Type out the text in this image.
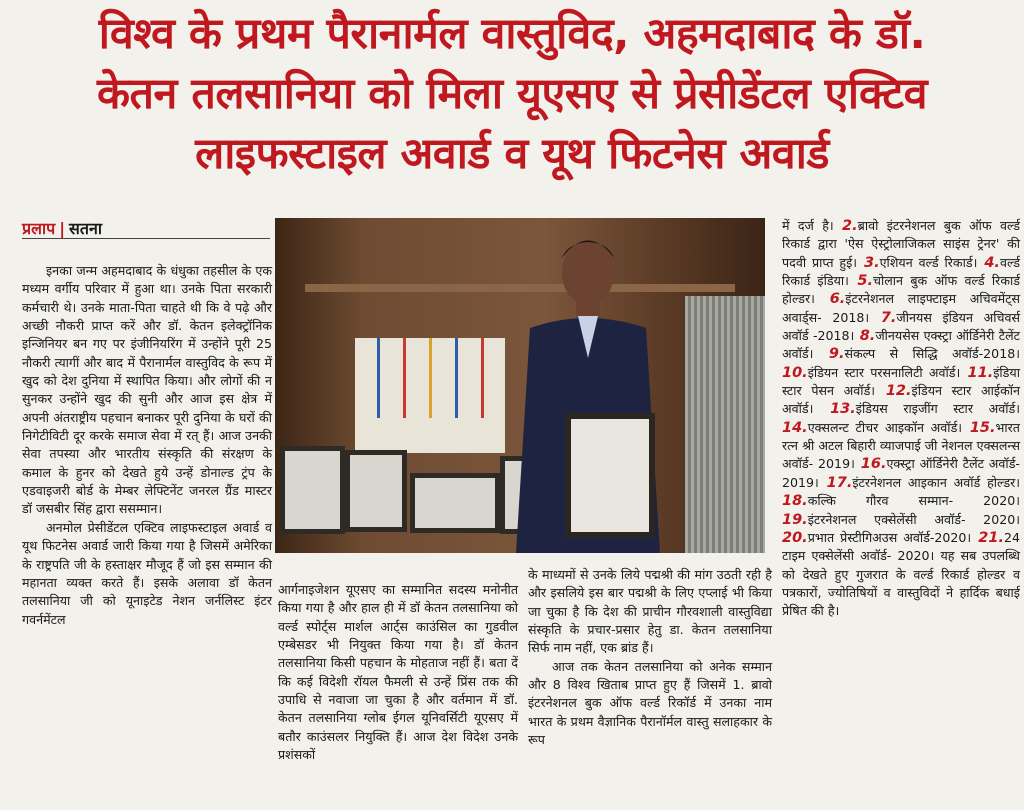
विश्व के प्रथम पैरानार्मल वास्तुविद, अहमदाबाद के डॉ.
केतन तलसानिया को मिला यूएसए से प्रेसीडेंटल एक्टिव
लाइफस्टाइल अवार्ड व यूथ फिटनेस अवार्ड
प्रलाप | सतना

इनका जन्म अहमदाबाद के धंधुका तहसील के एक मध्यम वर्गीय परिवार में हुआ था। उनके पिता सरकारी कर्मचारी थे। उनके माता-पिता चाहते थी कि वे पढ़े और अच्छी नौकरी प्राप्त करें और डॉ. केतन इलेक्ट्रॉनिक इन्जिनियर बन गए पर इंजीनियरिंग में उन्होंने पूरी 25 नौकरी त्यागीं और बाद में पैरानार्मल वास्तुविद के रूप में खुद को देश दुनिया में स्थापित किया। और लोगों की न सुनकर उन्होंने खुद की सुनी और आज इस क्षेत्र में अपनी अंतराष्ट्रीय पहचान बनाकर पूरी दुनिया के घरों की निगेटीविटी दूर करके समाज सेवा में रत् हैं। आज उनकी सेवा तपस्या और भारतीय संस्कृति की संरक्षण के कमाल के हुनर को देखते हुये उन्हें डोनाल्ड ट्रंप के एडवाइजरी बोर्ड के मेम्बर लेफ्टिनेंट जनरल ग्रैंड मास्टर डॉ जसबीर सिंह द्वारा ससम्मान।

अनमोल प्रेसीडेंटल एक्टिव लाइफस्टाइल अवार्ड व यूथ फिटनेस अवार्ड जारी किया गया है जिसमें अमेरिका के राष्ट्रपति जी के हस्ताक्षर मौजूद हैं जो इस सम्मान की महानता व्यक्त करते हैं। इसके अलावा डॉ केतन तलसानिया जी को यूनाइटेड नेशन जर्नलिस्ट इंटर गवर्नमेंटल

आर्गनाइजेशन यूएसए का सम्मानित सदस्य मनोनीत किया गया है और हाल ही में डॉ केतन तलसानिया को वर्ल्ड स्पोर्ट्स मार्शल आर्ट्स काउंसिल का गुडवील एम्बेसडर भी नियुक्त किया गया है। डॉ केतन तलसानिया किसी पहचान के मोहताज नहीं हैं। बता दें कि कई विदेशी रॉयल फैमली से उन्हें प्रिंस तक की उपाधि से नवाजा जा चुका है और वर्तमान में डॉ. केतन तलसानिया ग्लोब ईगल यूनिवर्सिटी यूएसए में बतौर काउंसलर नियुक्ति हैं। आज देश विदेश उनके प्रशंसकों

के माध्यमों से उनके लिये पद्मश्री की मांग उठती रही है और इसलिये इस बार पद्मश्री के लिए एप्लाई भी किया जा चुका है कि देश की प्राचीन गौरवशाली वास्तुविद्या संस्कृति के प्रचार-प्रसार हेतु डा. केतन तलसानिया सिर्फ नाम नहीं, एक ब्रांड हैं।

आज तक केतन तलसानिया को अनेक सम्मान और 8 विश्व खिताब प्राप्त हुए हैं जिसमें 1. ब्रावो इंटरनेशनल बुक ऑफ वर्ल्ड रिकॉर्ड में उनका नाम भारत के प्रथम वैज्ञानिक पैरानॉर्मल वास्तु सलाहकार के रूप

में दर्ज है। 2.ब्रावो इंटरनेशनल बुक ऑफ वर्ल्ड रिकार्ड द्वारा 'ऐस ऐस्ट्रोलाजिकल साइंस ट्रेनर' की पदवी प्राप्त हुई। 3.एशियन वर्ल्ड रिकार्ड। 4.वर्ल्ड रिकार्ड इंडिया। 5.चोलान बुक ऑफ वर्ल्ड रिकार्ड होल्डर। 6.इंटरनेशनल लाइफ्टाइम अचिवमेंट्स अवार्ड्स- 2018। 7.जीनयस इंडियन अचिवर्स अवॉर्ड -2018। 8.जीनयसेस एक्स्ट्रा ऑर्डिनेरी टैलेंट अवॉर्ड। 9.संकल्प से सिद्धि अवॉर्ड-2018। 10.इंडियन स्टार परसनालिटी अवॉर्ड। 11.इंडिया स्टार पेसन अवॉर्ड। 12.इंडियन स्टार आईकॉन अवॉर्ड। 13.इंडियस राइजींग स्टार अवॉर्ड। 14.एक्सलन्ट टीचर आइकॉन अवॉर्ड। 15.भारत रत्न श्री अटल बिहारी व्याजपाई जी नेशनल एक्सलन्स अवॉर्ड- 2019। 16.एक्स्ट्रा ऑर्डिनेरी टैलेंट अवॉर्ड- 2019। 17.इंटरनेशनल आइकान अवॉर्ड होल्डर। 18.कल्कि गौरव सम्मान- 2020। 19.इंटरनेशनल एक्सेलेंसी अवॉर्ड- 2020। 20.प्रभात प्रेस्टीगिअउस अवॉर्ड-2020। 21.24 टाइम एक्सेलेंसी अवॉर्ड- 2020। यह सब उपलब्धि को देखते हुए गुजरात के वर्ल्ड रिकार्ड होल्डर व पत्रकारों, ज्योतिषियों व वास्तुविदों ने हार्दिक बधाई प्रेषित की है।
